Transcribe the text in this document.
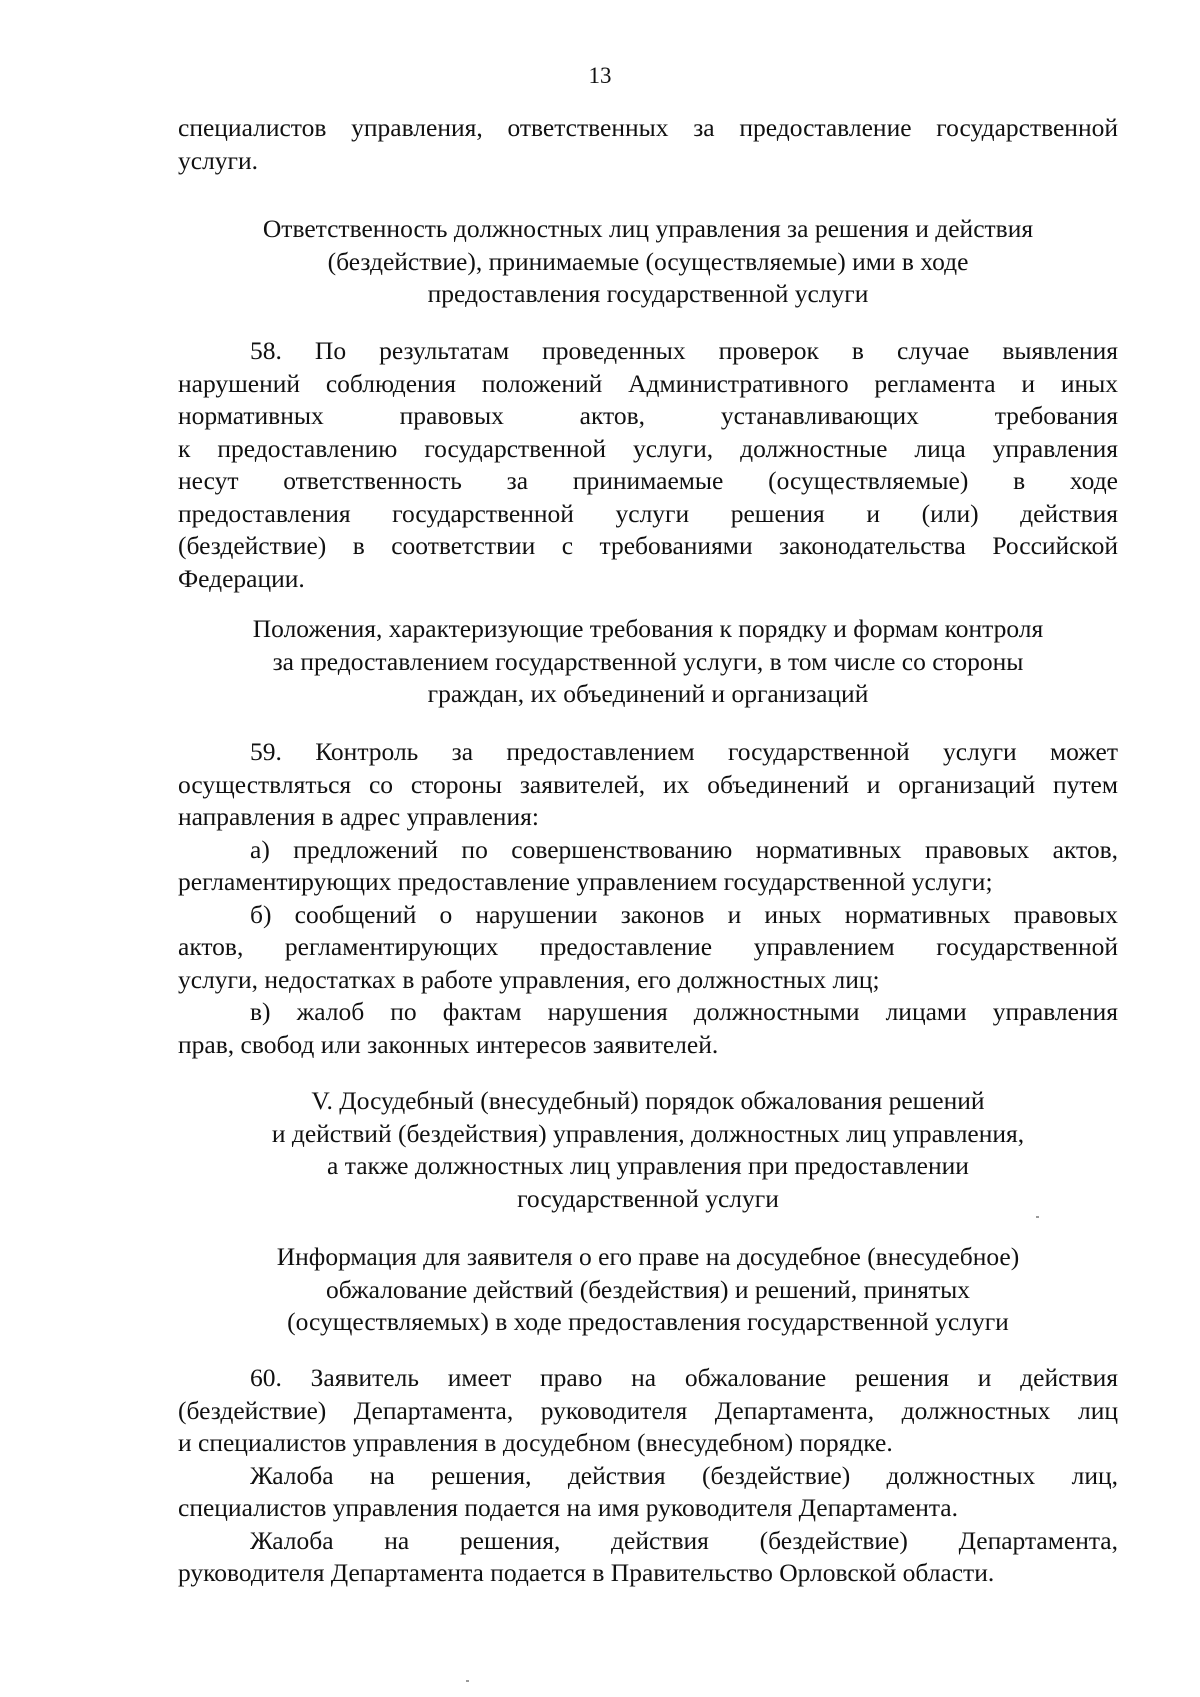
13
специалистов управления, ответственных за предоставление государственной
услуги.
Ответственность должностных лиц управления за решения и действия
(бездействие), принимаемые (осуществляемые) ими в ходе
предоставления государственной услуги
58. По результатам проведенных проверок в случае выявления
нарушений соблюдения положений Административного регламента и иных
нормативных правовых актов, устанавливающих требования
к предоставлению государственной услуги, должностные лица управления
несут ответственность за принимаемые (осуществляемые) в ходе
предоставления государственной услуги решения и (или) действия
(бездействие) в соответствии с требованиями законодательства Российской
Федерации.
Положения, характеризующие требования к порядку и формам контроля
за предоставлением государственной услуги, в том числе со стороны
граждан, их объединений и организаций
59. Контроль за предоставлением государственной услуги может
осуществляться со стороны заявителей, их объединений и организаций путем
направления в адрес управления:
а) предложений по совершенствованию нормативных правовых актов,
регламентирующих предоставление управлением государственной услуги;
б) сообщений о нарушении законов и иных нормативных правовых
актов, регламентирующих предоставление управлением государственной
услуги, недостатках в работе управления, его должностных лиц;
в) жалоб по фактам нарушения должностными лицами управления
прав, свобод или законных интересов заявителей.
V. Досудебный (внесудебный) порядок обжалования решений
и действий (бездействия) управления, должностных лиц управления,
а также должностных лиц управления при предоставлении
государственной услуги
Информация для заявителя о его праве на досудебное (внесудебное)
обжалование действий (бездействия) и решений, принятых
(осуществляемых) в ходе предоставления государственной услуги
60. Заявитель имеет право на обжалование решения и действия
(бездействие) Департамента, руководителя Департамента, должностных лиц
и специалистов управления в досудебном (внесудебном) порядке.
Жалоба на решения, действия (бездействие) должностных лиц,
специалистов управления подается на имя руководителя Департамента.
Жалоба на решения, действия (бездействие) Департамента,
руководителя Департамента подается в Правительство Орловской области.
